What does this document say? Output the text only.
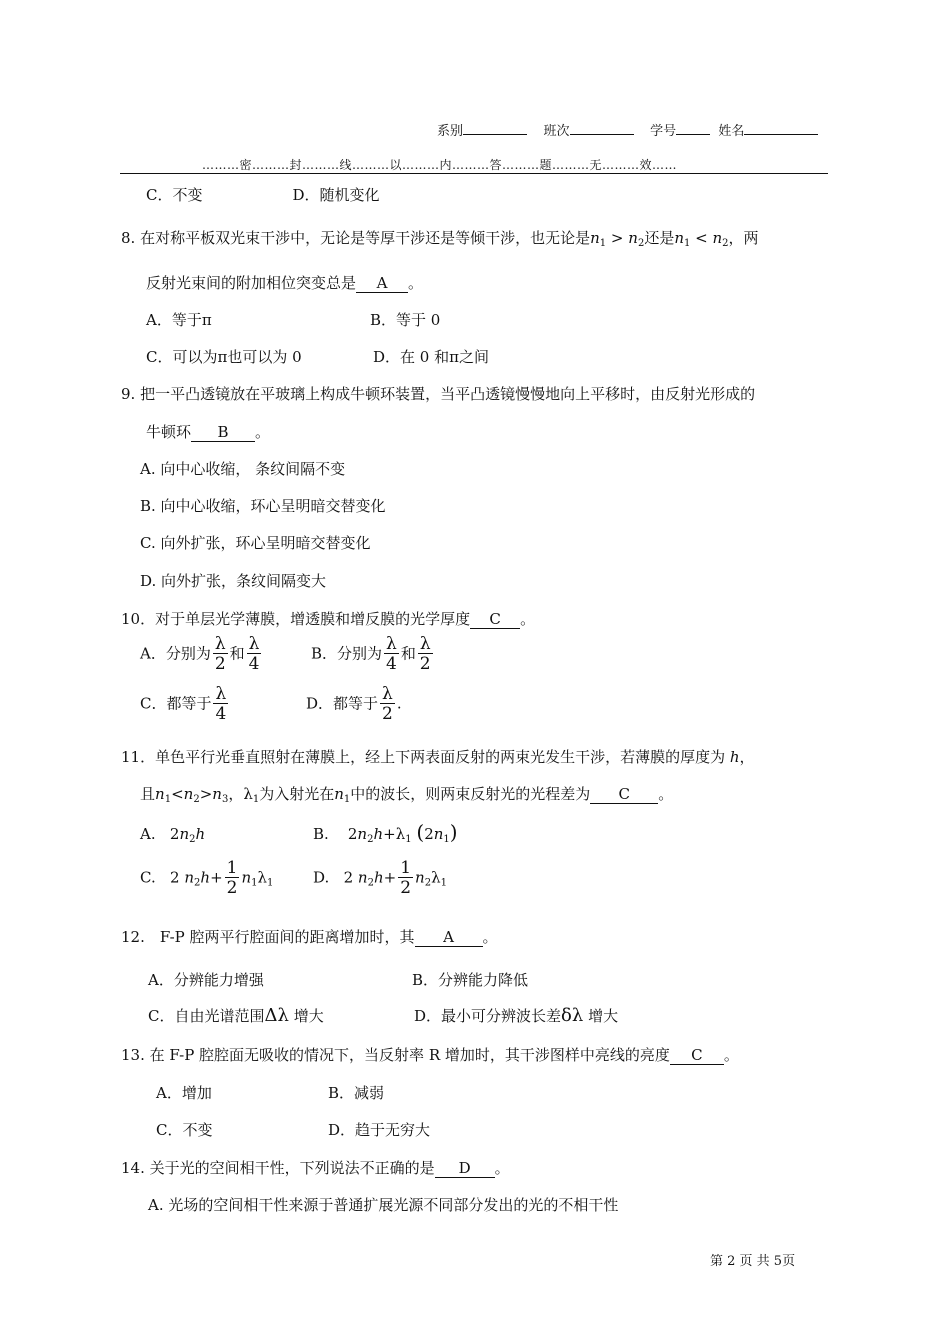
系别	班次	学号	姓名
………密………封………线………以………内………答………题………无………效……
C．不变　　　　　　D．随机变化
8. 在对称平板双光束干涉中，无论是等厚干涉还是等倾干涉，也无论是$n_1 > n_2$还是$n_1 < n_2$，两
反射光束间的附加相位突变总是 A 。
A．等于π	B．等于 0
C．可以为π也可以为 0	D．在 0 和π之间
9. 把一平凸透镜放在平玻璃上构成牛顿环装置，当平凸透镜慢慢地向上平移时，由反射光形成的
牛顿环 B 。
A. 向中心收缩， 条纹间隔不变
B. 向中心收缩，环心呈明暗交替变化
C. 向外扩张，环心呈明暗交替变化
D. 向外扩张，条纹间隔变大
10．对于单层光学薄膜，增透膜和增反膜的光学厚度 C 。
A．分别为 $\frac{\lambda}{2}$ 和 $\frac{\lambda}{4}$	B．分别为 $\frac{\lambda}{4}$ 和 $\frac{\lambda}{2}$
C．都等于 $\frac{\lambda}{4}$	D．都等于 $\frac{\lambda}{2}$ .
11．单色平行光垂直照射在薄膜上，经上下两表面反射的两束光发生干涉，若薄膜的厚度为 h，
且$n_1<n_2>n_3$，$\lambda_1$为入射光在$n_1$中的波长，则两束反射光的光程差为 C 。
A.   $2n_2h$	B.    $2n_2h+\lambda_1$ $(2n_1)$
C.   2 $n_2h+ \frac{1}{2} n_1\lambda_1$	D.   2 $n_2h+ \frac{1}{2} n_2\lambda_1$
12.　F-P 腔两平行腔面间的距离增加时，其 A 。
A．分辨能力增强	B．分辨能力降低
C．自由光谱范围Δλ 增大	D．最小可分辨波长差δλ 增大
13. 在 F-P 腔腔面无吸收的情况下，当反射率 R 增加时，其干涉图样中亮线的亮度 C 。
A．增加	B．减弱
C．不变	D．趋于无穷大
14. 关于光的空间相干性，下列说法不正确的是 D 。
A. 光场的空间相干性来源于普通扩展光源不同部分发出的光的不相干性
第 2 页 共 5页
